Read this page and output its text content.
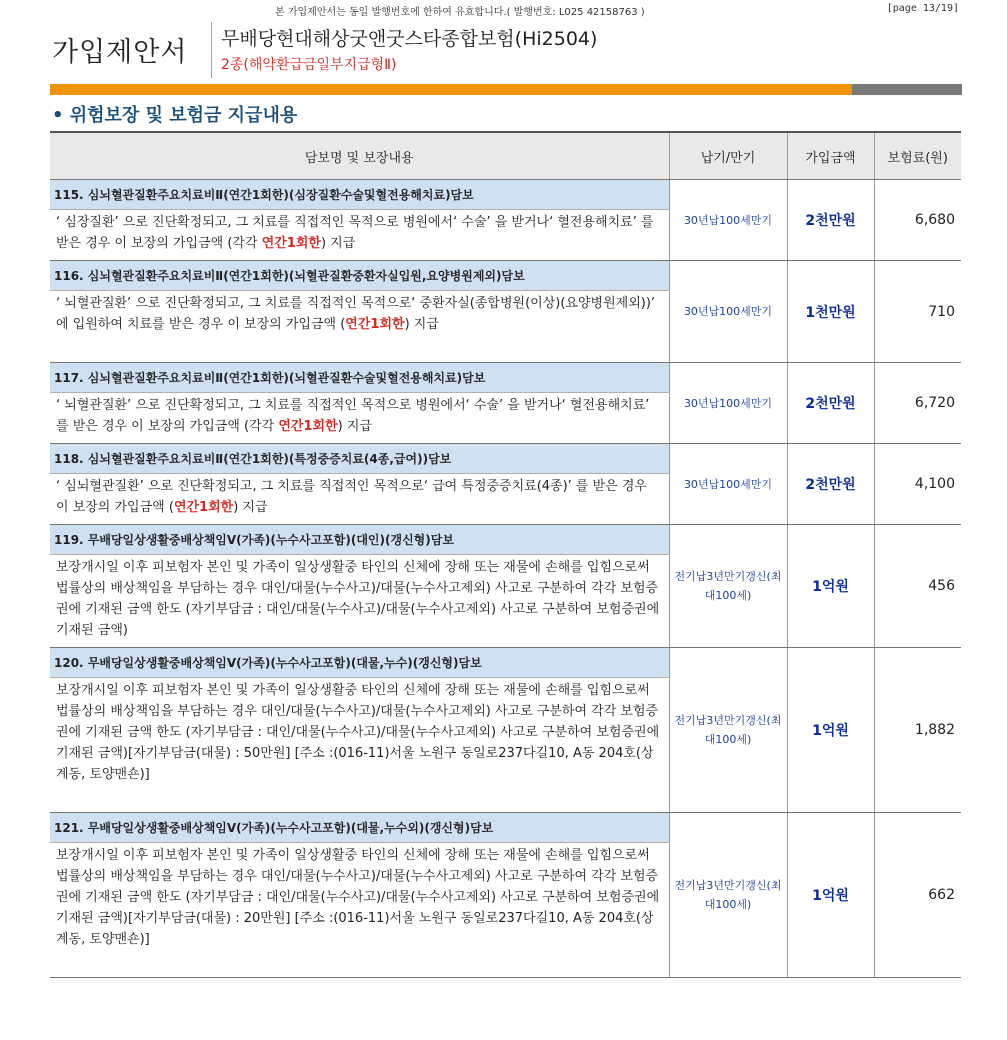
본 가입제안서는 동일 발행번호에 한하여 유효합니다.( 발행번호: L025 42158763 )	[page 13/19]
가입제안서 무배당현대해상굿앤굿스타종합보험(Hi2504)
2종(해약환급금일부지급형Ⅱ)
• 위험보장 및 보험금 지급내용
담보명 및 보장내용	납기/만기	가입금액	보험료(원)
115. 심뇌혈관질환주요치료비Ⅱ(연간1회한)(심장질환수술및혈전용해치료)담보	30년납100세만기	2천만원	6,680
‘ 심장질환’ 으로 진단확정되고, 그 치료를 직접적인 목적으로 병원에서‘ 수술’ 을 받거나‘ 혈전용해치료’ 를 받은 경우 이 보장의 가입금액 (각각 연간1회한) 지급			
116. 심뇌혈관질환주요치료비Ⅱ(연간1회한)(뇌혈관질환중환자실입원,요양병원제외)담보	30년납100세만기	1천만원	710
‘ 뇌혈관질환’ 으로 진단확정되고, 그 치료를 직접적인 목적으로‘ 중환자실(종합병원(이상)(요양병원제외))’ 에 입원하여 치료를 받은 경우 이 보장의 가입금액 (연간1회한) 지급			
117. 심뇌혈관질환주요치료비Ⅱ(연간1회한)(뇌혈관질환수술및혈전용해치료)담보	30년납100세만기	2천만원	6,720
‘ 뇌혈관질환’ 으로 진단확정되고, 그 치료를 직접적인 목적으로 병원에서‘ 수술’ 을 받거나‘ 혈전용해치료’ 를 받은 경우 이 보장의 가입금액 (각각 연간1회한) 지급			
118. 심뇌혈관질환주요치료비Ⅱ(연간1회한)(특정중증치료(4종,급여))담보	30년납100세만기	2천만원	4,100
‘ 심뇌혈관질환’ 으로 진단확정되고, 그 치료를 직접적인 목적으로‘ 급여 특정중증치료(4종)’ 를 받은 경우 이 보장의 가입금액 (연간1회한) 지급			
119. 무배당일상생활중배상책임Ⅴ(가족)(누수사고포함)(대인)(갱신형)담보	전기납3년만기갱신(최대100세)	1억원	456
보장개시일 이후 피보험자 본인 및 가족이 일상생활중 타인의 신체에 장해 또는 재물에 손해를 입힘으로써 법률상의 배상책임을 부담하는 경우 대인/대물(누수사고)/대물(누수사고제외) 사고로 구분하여 각각 보험증권에 기재된 금액 한도 (자기부담금 : 대인/대물(누수사고)/대물(누수사고제외) 사고로 구분하여 보험증권에 기재된 금액)			
120. 무배당일상생활중배상책임Ⅴ(가족)(누수사고포함)(대물,누수)(갱신형)담보	전기납3년만기갱신(최대100세)	1억원	1,882
보장개시일 이후 피보험자 본인 및 가족이 일상생활중 타인의 신체에 장해 또는 재물에 손해를 입힘으로써 법률상의 배상책임을 부담하는 경우 대인/대물(누수사고)/대물(누수사고제외) 사고로 구분하여 각각 보험증권에 기재된 금액 한도 (자기부담금 : 대인/대물(누수사고)/대물(누수사고제외) 사고로 구분하여 보험증권에 기재된 금액)[자기부담금(대물) : 50만원] [주소 :(016-11)서울 노원구 동일로237다길10, A동 204호(상계동, 토양맨숀)]			
121. 무배당일상생활중배상책임Ⅴ(가족)(누수사고포함)(대물,누수외)(갱신형)담보	전기납3년만기갱신(최대100세)	1억원	662
보장개시일 이후 피보험자 본인 및 가족이 일상생활중 타인의 신체에 장해 또는 재물에 손해를 입힘으로써 법률상의 배상책임을 부담하는 경우 대인/대물(누수사고)/대물(누수사고제외) 사고로 구분하여 각각 보험증권에 기재된 금액 한도 (자기부담금 : 대인/대물(누수사고)/대물(누수사고제외) 사고로 구분하여 보험증권에 기재된 금액)[자기부담금(대물) : 20만원] [주소 :(016-11)서울 노원구 동일로237다길10, A동 204호(상계동, 토양맨숀)]			
